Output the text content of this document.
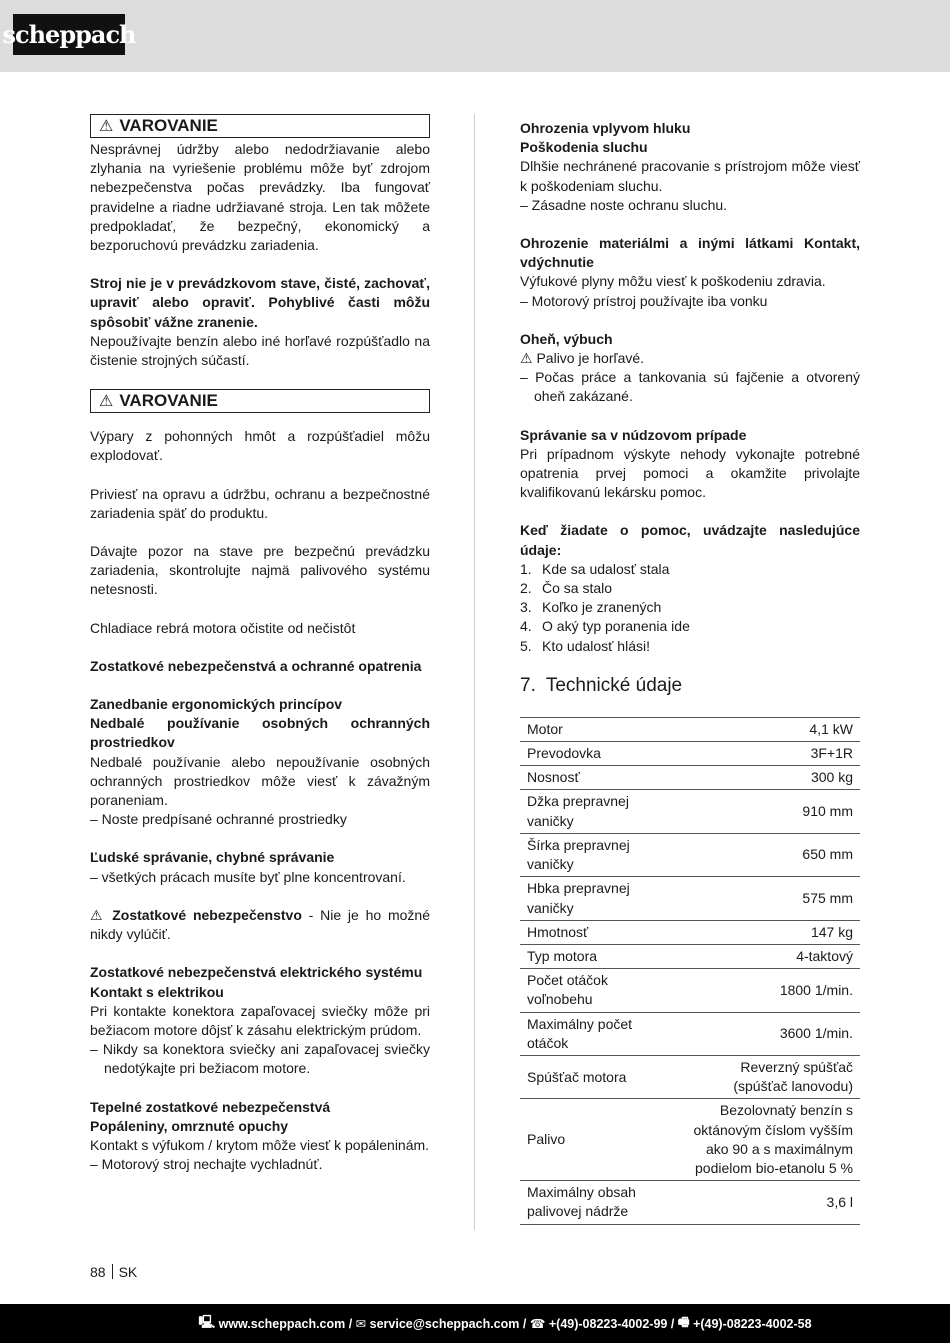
scheppach
⚠ VAROVANIE

Nesprávnej údržby alebo nedodržiavanie alebo zlyhania na vyriešenie problému môže byť zdrojom nebezpečenstva počas prevádzky. Iba fungovať pravidelne a riadne udržiavané stroja. Len tak môžete predpokladať, že bezpečný, ekonomický a bezporuchovú prevádzku zariadenia.

Stroj nie je v prevádzkovom stave, čisté, zachovať, upraviť alebo opraviť. Pohyblivé časti môžu spôsobiť vážne zranenie.

Nepoužívajte benzín alebo iné horľavé rozpúšťadlo na čistenie strojných súčastí.

⚠ VAROVANIE

Výpary z pohonných hmôt a rozpúšťadiel môžu explodovať.

Priviesť na opravu a údržbu, ochranu a bezpečnostné zariadenia späť do produktu.

Dávajte pozor na stave pre bezpečnú prevádzku zariadenia, skontrolujte najmä palivového systému netesnosti.

Chladiace rebrá motora očistite od nečistôt

Zostatkové nebezpečenstvá a ochranné opatrenia

Zanedbanie ergonomických princípov

Nedbalé používanie osobných ochranných prostriedkov

Nedbalé používanie alebo nepoužívanie osobných ochranných prostriedkov môže viesť k závažným poraneniam.

– Noste predpísané ochranné prostriedky

Ľudské správanie, chybné správanie

– všetkých prácach musíte byť plne koncentrovaní.

⚠ Zostatkové nebezpečenstvo - Nie je ho možné nikdy vylúčiť.

Zostatkové nebezpečenstvá elektrického systému

Kontakt s elektrikou

Pri kontakte konektora zapaľovacej sviečky môže pri bežiacom motore dôjsť k zásahu elektrickým prúdom.

– Nikdy sa konektora sviečky ani zapaľovacej sviečky nedotýkajte pri bežiacom motore.

Tepelné zostatkové nebezpečenstvá

Popáleniny, omrznuté opuchy

Kontakt s výfukom / krytom môže viesť k popáleninám.

– Motorový stroj nechajte vychladnúť.

Ohrozenia vplyvom hluku

Poškodenia sluchu

Dlhšie nechránené pracovanie s prístrojom môže viesť k poškodeniam sluchu.

– Zásadne noste ochranu sluchu.

Ohrozenie materiálmi a inými látkami Kontakt, vdýchnutie

Výfukové plyny môžu viesť k poškodeniu zdravia.

– Motorový prístroj používajte iba vonku

Oheň, výbuch

⚠ Palivo je horľavé.

– Počas práce a tankovania sú fajčenie a otvorený oheň zakázané.

Správanie sa v núdzovom prípade

Pri prípadnom výskyte nehody vykonajte potrebné opatrenia prvej pomoci a okamžite privolajte kvalifikovanú lekársku pomoc.

Keď žiadate o pomoc, uvádzajte nasledujúce údaje:

1. Kde sa udalosť stala
2. Čo sa stalo
3. Koľko je zranených
4. O aký typ poranenia ide
5. Kto udalosť hlási!
7. Technické údaje
Motor	4,1 kW
Prevodovka	3F+1R
Nosnosť	300 kg
Džka prepravnej vaničky	910 mm
Šírka prepravnej vaničky	650 mm
Hbka prepravnej vaničky	575 mm
Hmotnosť	147 kg
Typ motora	4-taktový
Počet otáčok voľnobehu	1800 1/min.
Maximálny počet otáčok	3600 1/min.
Spúšťač motora	Reverzný spúšťač (spúšťač lanovodu)
Palivo	Bezolovnatý benzín s oktánovým číslom vyšším ako 90 a s maximálnym podielom bio-etanolu 5 %
Maximálny obsah palivovej nádrže	3,6 l
88 SK
🖳 www.scheppach.com / ✉ service@scheppach.com / ☎ +(49)-08223-4002-99 / 🖷 +(49)-08223-4002-58
